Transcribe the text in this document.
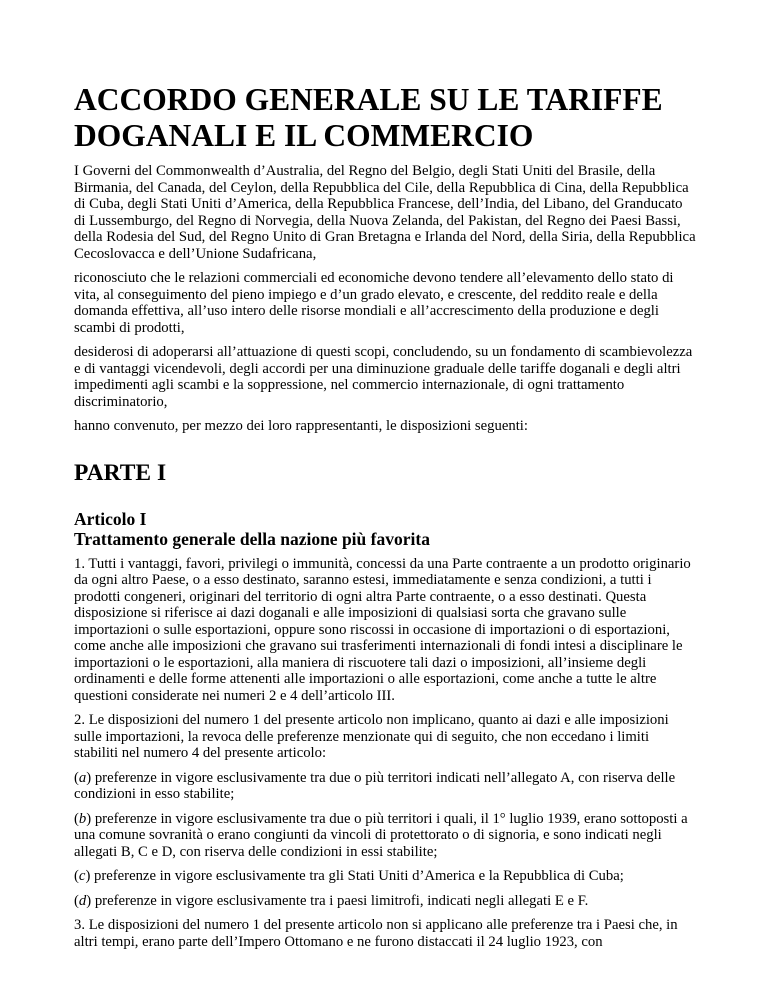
ACCORDO GENERALE SU LE TARIFFE DOGANALI E IL COMMERCIO

I Governi del Commonwealth d’Australia, del Regno del Belgio, degli Stati Uniti del Brasile, della Birmania, del Canada, del Ceylon, della Repubblica del Cile, della Repubblica di Cina, della Repubblica di Cuba, degli Stati Uniti d’America, della Repubblica Francese, dell’India, del Libano, del Granducato di Lussemburgo, del Regno di Norvegia, della Nuova Zelanda, del Pakistan, del Regno dei Paesi Bassi, della Rodesia del Sud, del Regno Unito di Gran Bretagna e Irlanda del Nord, della Siria, della Repubblica Cecoslovacca e dell’Unione Sudafricana,

riconosciuto che le relazioni commerciali ed economiche devono tendere all’elevamento dello stato di vita, al conseguimento del pieno impiego e d’un grado elevato, e crescente, del reddito reale e della domanda effettiva, all’uso intero delle risorse mondiali e all’accrescimento della produzione e degli scambi di prodotti,

desiderosi di adoperarsi all’attuazione di questi scopi, concludendo, su un fondamento di scambievolezza e di vantaggi vicendevoli, degli accordi per una diminuzione graduale delle tariffe doganali e degli altri impedimenti agli scambi e la soppressione, nel commercio internazionale, di ogni trattamento discriminatorio,

hanno convenuto, per mezzo dei loro rappresentanti, le disposizioni seguenti:

PARTE I
Articolo I
Trattamento generale della nazione più favorita

1. Tutti i vantaggi, favori, privilegi o immunità, concessi da una Parte contraente a un prodotto originario da ogni altro Paese, o a esso destinato, saranno estesi, immediatamente e senza condizioni, a tutti i prodotti congeneri, originari del territorio di ogni altra Parte contraente, o a esso destinati. Questa disposizione si riferisce ai dazi doganali e alle imposizioni di qualsiasi sorta che gravano sulle importazioni o sulle esportazioni, oppure sono riscossi in occasione di importazioni o di esportazioni, come anche alle imposizioni che gravano sui trasferimenti internazionali di fondi intesi a disciplinare le importazioni o le esportazioni, alla maniera di riscuotere tali dazi o imposizioni, all’insieme degli ordinamenti e delle forme attenenti alle importazioni o alle esportazioni, come anche a tutte le altre questioni considerate nei numeri 2 e 4 dell’articolo III.

2. Le disposizioni del numero 1 del presente articolo non implicano, quanto ai dazi e alle imposizioni sulle importazioni, la revoca delle preferenze menzionate qui di seguito, che non eccedano i limiti stabiliti nel numero 4 del presente articolo:

(a) preferenze in vigore esclusivamente tra due o più territori indicati nell’allegato A, con riserva delle condizioni in esso stabilite;

(b) preferenze in vigore esclusivamente tra due o più territori i quali, il 1° luglio 1939, erano sottoposti a una comune sovranità o erano congiunti da vincoli di protettorato o di signoria, e sono indicati negli allegati B, C e D, con riserva delle condizioni in essi stabilite;

(c) preferenze in vigore esclusivamente tra gli Stati Uniti d’America e la Repubblica di Cuba;

(d) preferenze in vigore esclusivamente tra i paesi limitrofi, indicati negli allegati E e F.

3. Le disposizioni del numero 1 del presente articolo non si applicano alle preferenze tra i Paesi che, in altri tempi, erano parte dell’Impero Ottomano e ne furono distaccati il 24 luglio 1923, con
